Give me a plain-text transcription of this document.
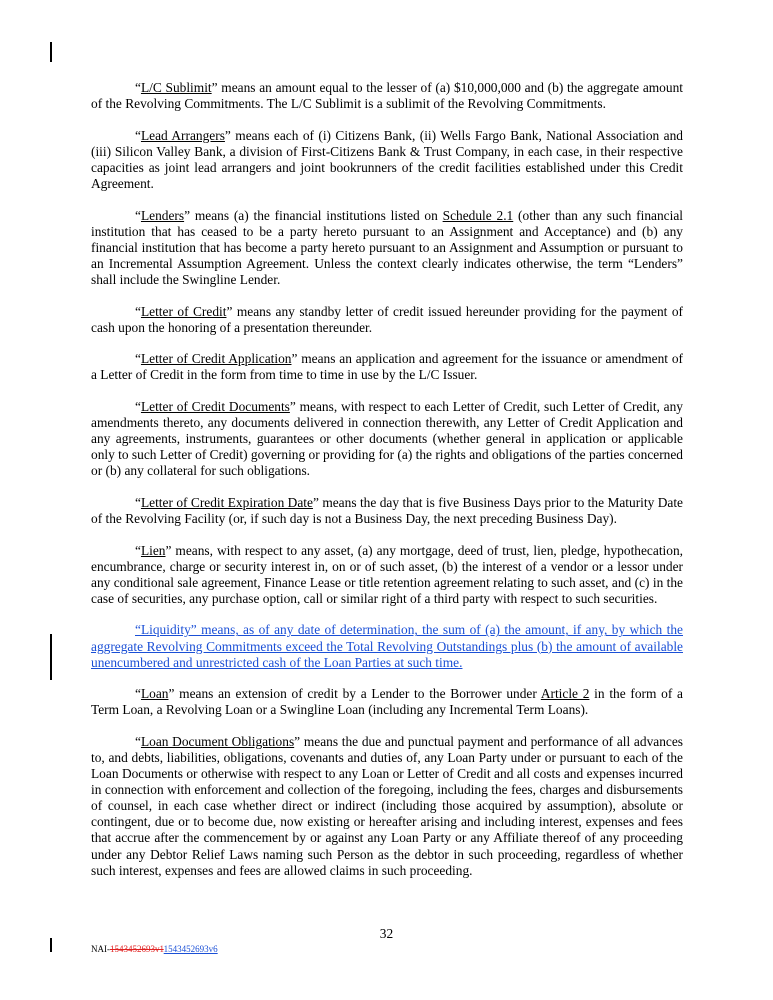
“L/C Sublimit” means an amount equal to the lesser of (a) $10,000,000 and (b) the aggregate amount of the Revolving Commitments. The L/C Sublimit is a sublimit of the Revolving Commitments.

“Lead Arrangers” means each of (i) Citizens Bank, (ii) Wells Fargo Bank, National Association and (iii) Silicon Valley Bank, a division of First-Citizens Bank & Trust Company, in each case, in their respective capacities as joint lead arrangers and joint bookrunners of the credit facilities established under this Credit Agreement.

“Lenders” means (a) the financial institutions listed on Schedule 2.1 (other than any such financial institution that has ceased to be a party hereto pursuant to an Assignment and Acceptance) and (b) any financial institution that has become a party hereto pursuant to an Assignment and Assumption or pursuant to an Incremental Assumption Agreement. Unless the context clearly indicates otherwise, the term “Lenders” shall include the Swingline Lender.

“Letter of Credit” means any standby letter of credit issued hereunder providing for the payment of cash upon the honoring of a presentation thereunder.

“Letter of Credit Application” means an application and agreement for the issuance or amendment of a Letter of Credit in the form from time to time in use by the L/C Issuer.

“Letter of Credit Documents” means, with respect to each Letter of Credit, such Letter of Credit, any amendments thereto, any documents delivered in connection therewith, any Letter of Credit Application and any agreements, instruments, guarantees or other documents (whether general in application or applicable only to such Letter of Credit) governing or providing for (a) the rights and obligations of the parties concerned or (b) any collateral for such obligations.

“Letter of Credit Expiration Date” means the day that is five Business Days prior to the Maturity Date of the Revolving Facility (or, if such day is not a Business Day, the next preceding Business Day).

“Lien” means, with respect to any asset, (a) any mortgage, deed of trust, lien, pledge, hypothecation, encumbrance, charge or security interest in, on or of such asset, (b) the interest of a vendor or a lessor under any conditional sale agreement, Finance Lease or title retention agreement relating to such asset, and (c) in the case of securities, any purchase option, call or similar right of a third party with respect to such securities.

“Liquidity” means, as of any date of determination, the sum of (a) the amount, if any, by which the aggregate Revolving Commitments exceed the Total Revolving Outstandings plus (b) the amount of available unencumbered and unrestricted cash of the Loan Parties at such time.

“Loan” means an extension of credit by a Lender to the Borrower under Article 2 in the form of a Term Loan, a Revolving Loan or a Swingline Loan (including any Incremental Term Loans).

“Loan Document Obligations” means the due and punctual payment and performance of all advances to, and debts, liabilities, obligations, covenants and duties of, any Loan Party under or pursuant to each of the Loan Documents or otherwise with respect to any Loan or Letter of Credit and all costs and expenses incurred in connection with enforcement and collection of the foregoing, including the fees, charges and disbursements of counsel, in each case whether direct or indirect (including those acquired by assumption), absolute or contingent, due or to become due, now existing or hereafter arising and including interest, expenses and fees that accrue after the commencement by or against any Loan Party or any Affiliate thereof of any proceeding under any Debtor Relief Laws naming such Person as the debtor in such proceeding, regardless of whether such interest, expenses and fees are allowed claims in such proceeding.

32
NAI-1543452693v11543452693v6
